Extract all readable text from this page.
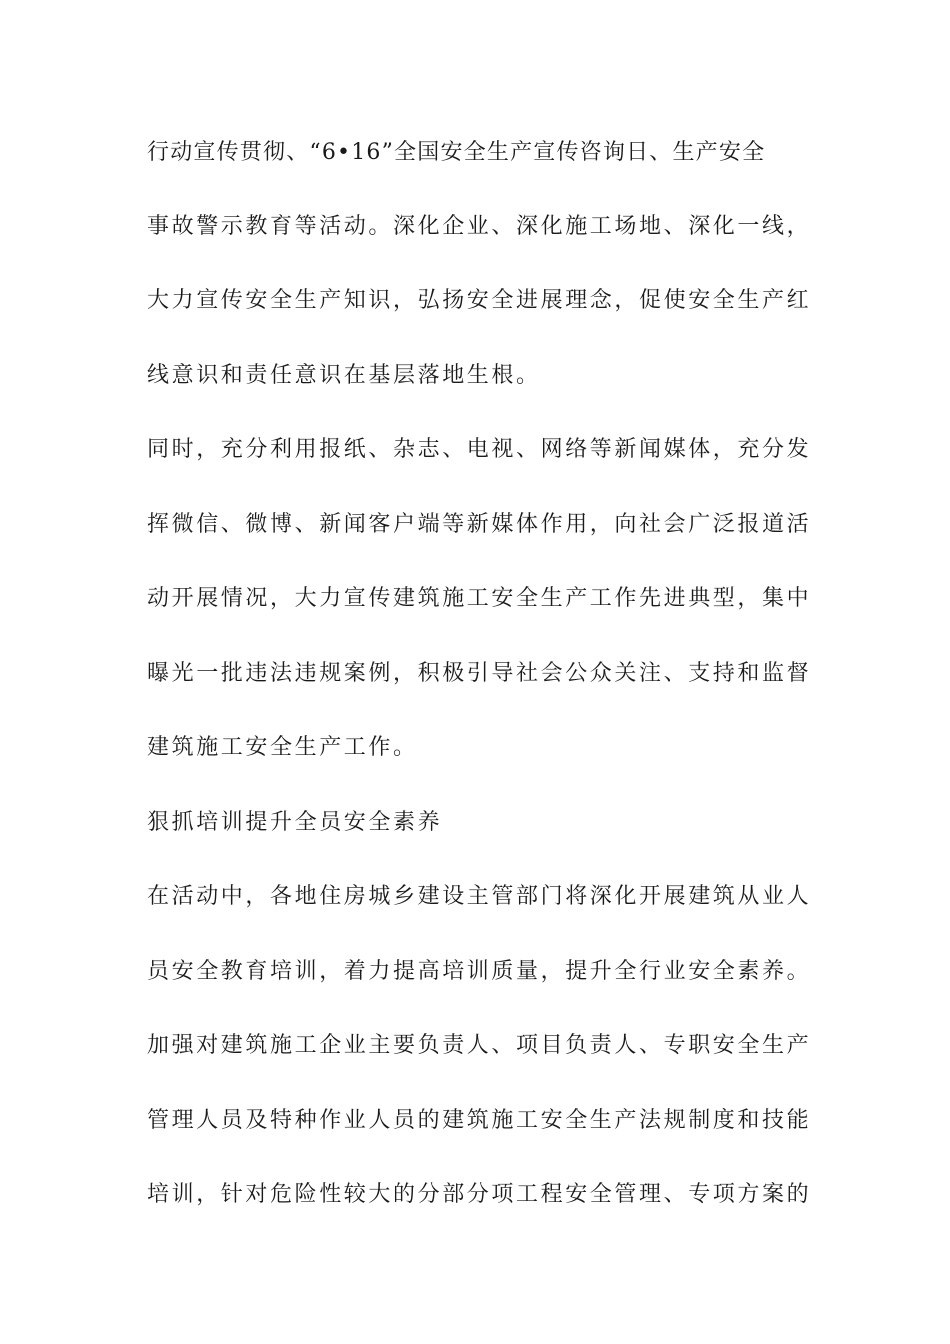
行动宣传贯彻、“6•16”全国安全生产宣传咨询日、生产安全
事故警示教育等活动。深化企业、深化施工场地、深化一线，
大力宣传安全生产知识，弘扬安全进展理念，促使安全生产红
线意识和责任意识在基层落地生根。
同时，充分利用报纸、杂志、电视、网络等新闻媒体，充分发
挥微信、微博、新闻客户端等新媒体作用，向社会广泛报道活
动开展情况，大力宣传建筑施工安全生产工作先进典型，集中
曝光一批违法违规案例，积极引导社会公众关注、支持和监督
建筑施工安全生产工作。
狠抓培训提升全员安全素养
在活动中，各地住房城乡建设主管部门将深化开展建筑从业人
员安全教育培训，着力提高培训质量，提升全行业安全素养。
加强对建筑施工企业主要负责人、项目负责人、专职安全生产
管理人员及特种作业人员的建筑施工安全生产法规制度和技能
培训，针对危险性较大的分部分项工程安全管理、专项方案的
